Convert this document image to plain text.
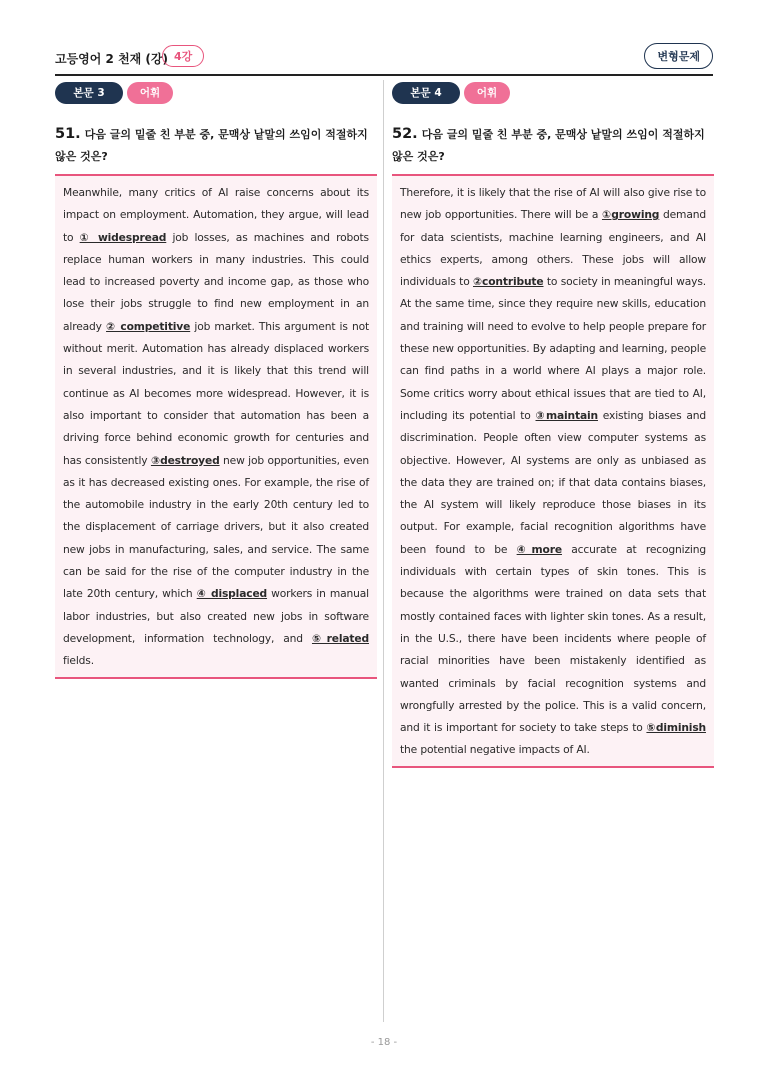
고등영어 2 천재 (강) 4강	변형문제
본문 3	어휘
51. 다음 글의 밑줄 친 부분 중, 문맥상 낱말의 쓰임이 적절하지 않은 것은?

Meanwhile, many critics of AI raise concerns about its impact on employment. Automation, they argue, will lead to ① widespread job losses, as machines and robots replace human workers in many industries. This could lead to increased poverty and income gap, as those who lose their jobs struggle to find new employment in an already ② competitive job market. This argument is not without merit. Automation has already displaced workers in several industries, and it is likely that this trend will continue as AI becomes more widespread. However, it is also important to consider that automation has been a driving force behind economic growth for centuries and has consistently ③destroyed new job opportunities, even as it has decreased existing ones. For example, the rise of the automobile industry in the early 20th century led to the displacement of carriage drivers, but it also created new jobs in manufacturing, sales, and service. The same can be said for the rise of the computer industry in the late 20th century, which ④ displaced workers in manual labor industries, but also created new jobs in software development, information technology, and ⑤related fields.

본문 4	어휘
52. 다음 글의 밑줄 친 부분 중, 문맥상 낱말의 쓰임이 적절하지 않은 것은?

Therefore, it is likely that the rise of AI will also give rise to new job opportunities. There will be a ①growing demand for data scientists, machine learning engineers, and AI ethics experts, among others. These jobs will allow individuals to ②contribute to society in meaningful ways. At the same time, since they require new skills, education and training will need to evolve to help people prepare for these new opportunities. By adapting and learning, people can find paths in a world where AI plays a major role. Some critics worry about ethical issues that are tied to AI, including its potential to ③maintain existing biases and discrimination. People often view computer systems as objective. However, AI systems are only as unbiased as the data they are trained on; if that data contains biases, the AI system will likely reproduce those biases in its output. For example, facial recognition algorithms have been found to be ④more accurate at recognizing individuals with certain types of skin tones. This is because the algorithms were trained on data sets that mostly contained faces with lighter skin tones. As a result, in the U.S., there have been incidents where people of racial minorities have been mistakenly identified as wanted criminals by facial recognition systems and wrongfully arrested by the police. This is a valid concern, and it is important for society to take steps to ⑤diminish the potential negative impacts of AI.

- 18 -
